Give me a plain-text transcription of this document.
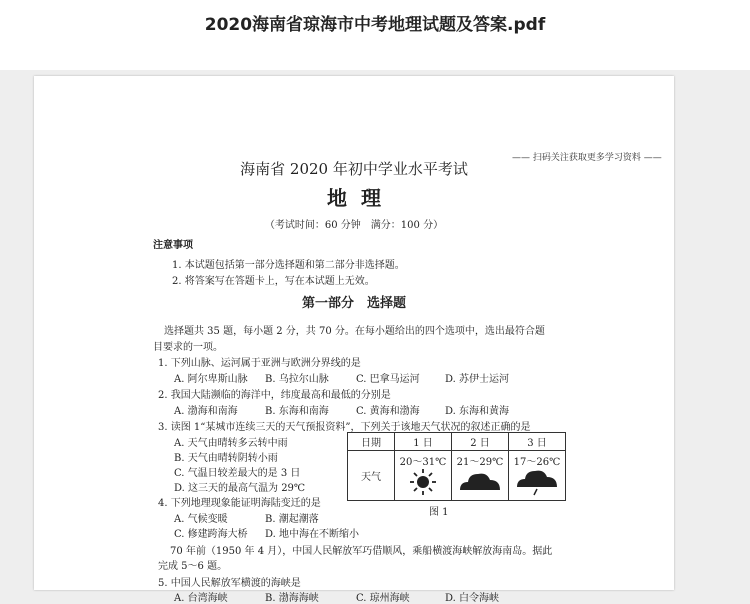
2020海南省琼海市中考地理试题及答案.pdf
—— 扫码关注获取更多学习资料 ——
海南省 2020 年初中学业水平考试
地理
（考试时间：60 分钟　满分：100 分）
注意事项
1. 本试题包括第一部分选择题和第二部分非选择题。
2. 将答案写在答题卡上，写在本试题上无效。
第一部分　选择题
选择题共 35 题，每小题 2 分，共 70 分。在每小题给出的四个选项中，选出最符合题
目要求的一项。
1. 下列山脉、运河属于亚洲与欧洲分界线的是
A. 阿尔卑斯山脉 B. 乌拉尔山脉	C. 巴拿马运河	D. 苏伊士运河
2. 我国大陆濒临的海洋中，纬度最高和最低的分别是
A. 渤海和南海	B. 东海和南海	C. 黄海和渤海	D. 东海和黄海
3. 读图 1“某城市连续三天的天气预报资料”，下列关于该地天气状况的叙述正确的是
A. 天气由晴转多云转中雨
B. 天气由晴转阴转小雨
C. 气温日较差最大的是 3 日
D. 这三天的最高气温为 29℃
日期	1 日	2 日	3 日
天气	20～31℃	21～29℃	17～26℃
图 1
4. 下列地理现象能证明海陆变迁的是
A. 气候变暖	B. 潮起潮落
C. 修建跨海大桥 D. 地中海在不断缩小
70 年前（1950 年 4 月），中国人民解放军巧借顺风，乘船横渡海峡解放海南岛。据此
完成 5～6 题。
5. 中国人民解放军横渡的海峡是
A. 台湾海峡	B. 渤海海峡	C. 琼州海峡	D. 白令海峡
